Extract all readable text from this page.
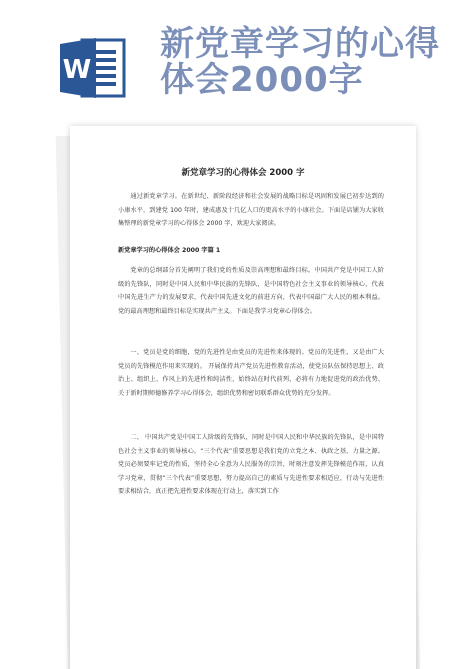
W
新党章学习的心得
体会2000字
新党章学习的心得体会 2000 字

通过新党章学习。在新世纪、新阶段经济和社会发展的战略目标是巩固和发展已初步达到的小康水平，到建党 100 年时，建成惠及十几亿人口的更高水平的小康社会。下面是店铺为大家收集整理的新党章学习的心得体会 2000 字，欢迎大家阅读。

新党章学习的心得体会 2000 字篇 1

党章的总纲部分首先阐明了我们党的性质及崇高理想和最终目标。中国共产党是中国工人阶级的先锋队，同时是中国人民和中华民族的先锋队，是中国特色社会主义事业的领导核心，代表中国先进生产力的发展要求，代表中国先进文化的前进方向，代表中国最广大人民的根本利益。党的最高理想和最终目标是实现共产主义。下面是我学习党章心得体会。

一、党员是党的细胞，党的先进性是由党员的先进性来体现的。党员的先进性，又是由广大党员的先锋模范作用来实现的。 开展保持共产党员先进性教育活动，使党员队伍保持思想上、政治上、组织上、作风上的先进性和纯洁性，始终站在时代前列，必将有力地促进党的政治优势、关于新时期师德修养学习心得体会，组织优势和密切联系群众优势的充分发挥。

二、 中国共产党是中国工人阶级的先锋队，同时是中国人民和中华民族的先锋队，是中国特色社会主义事业的领导核心。“三个代表”重要思想是我们党的立党之本、执政之基、力量之源。党员必须要牢记党的性质，坚持全心全意为人民服务的宗旨，时刻注意发挥先锋模范作用，认真学习党章，贯彻“三个代表”重要思想，努力提高自己的素质与先进性要求相适应，行动与先进性要求相结合，真正把先进性要求体现在行动上，落实到工作
